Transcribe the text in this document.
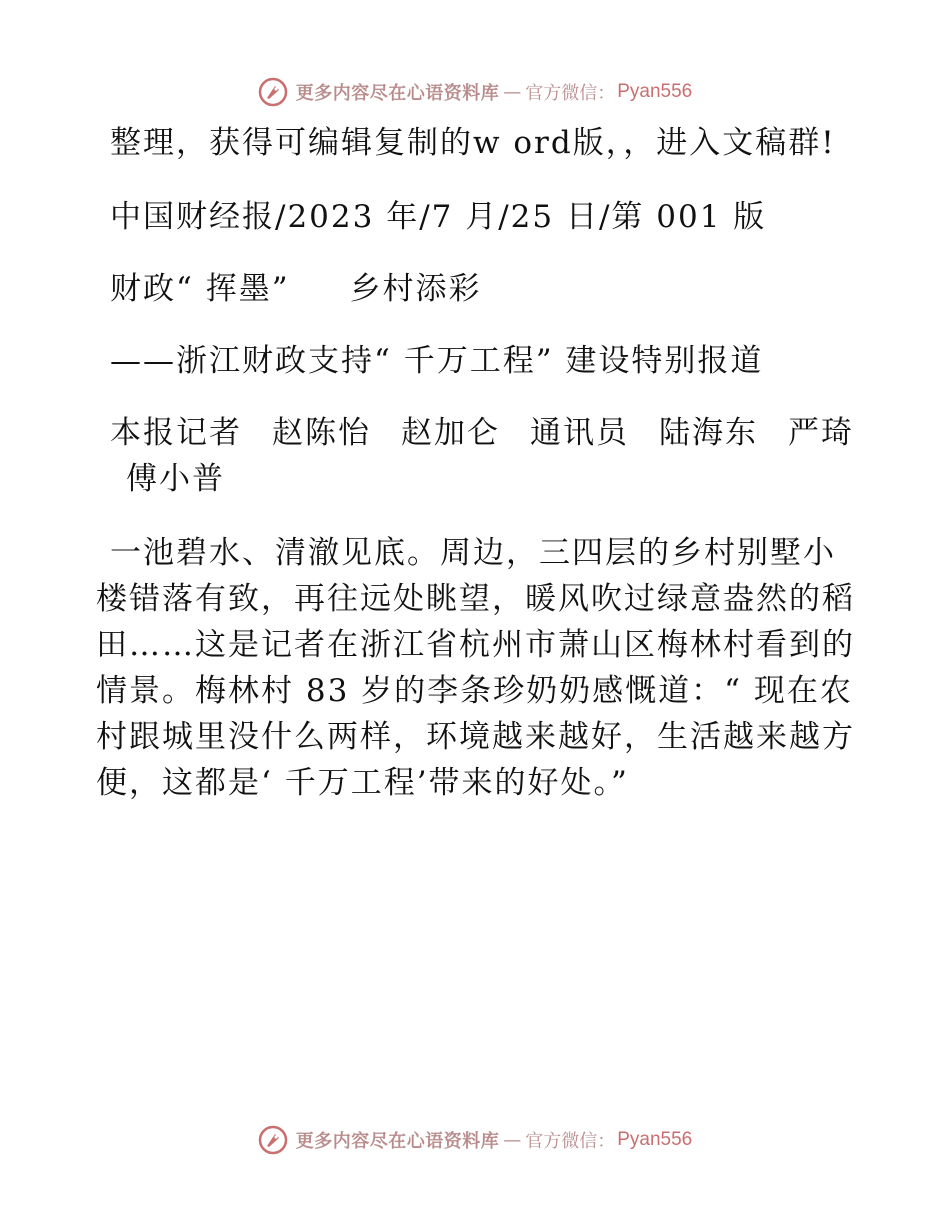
更多内容尽在心语资料库 — 官方微信： Pyan556

整理，获得可编辑复制的w ord版，，进入文稿群!

中国财经报/2023 年/7 月/25 日/第 001 版

财政“ 挥墨” 乡村添彩

——浙江财政支持“ 千万工程” 建设特别报道

本报记者 赵陈怡 赵加仑 通讯员 陆海东 严琦傅小普

一池碧水、清澈见底。周边，三四层的乡村别墅小楼错落有致，再往远处眺望，暖风吹过绿意盎然的稻田……这是记者在浙江省杭州市萧山区梅林村看到的情景。梅林村 83 岁的李条珍奶奶感慨道：“ 现在农村跟城里没什么两样，环境越来越好，生活越来越方便，这都是‘ 千万工程’带来的好处。”

更多内容尽在心语资料库 — 官方微信： Pyan556
